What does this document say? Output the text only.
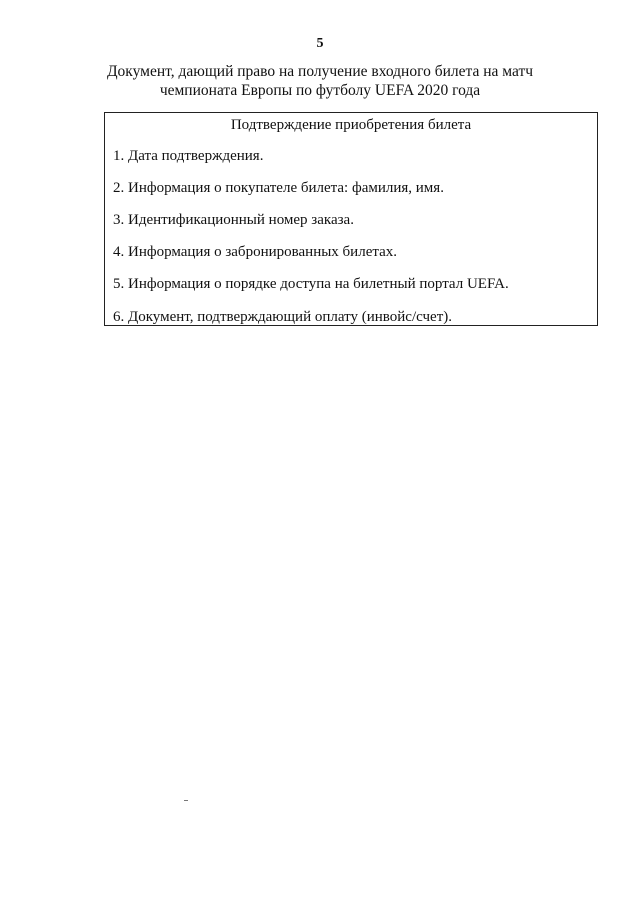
5
Документ, дающий право на получение входного билета на матч
чемпионата Европы по футболу UEFA 2020 года
Подтверждение приобретения билета
1. Дата подтверждения.
2. Информация о покупателе билета: фамилия, имя.
3. Идентификационный номер заказа.
4. Информация о забронированных билетах.
5. Информация о порядке доступа на билетный портал UEFA.
6. Документ, подтверждающий оплату (инвойс/счет).
